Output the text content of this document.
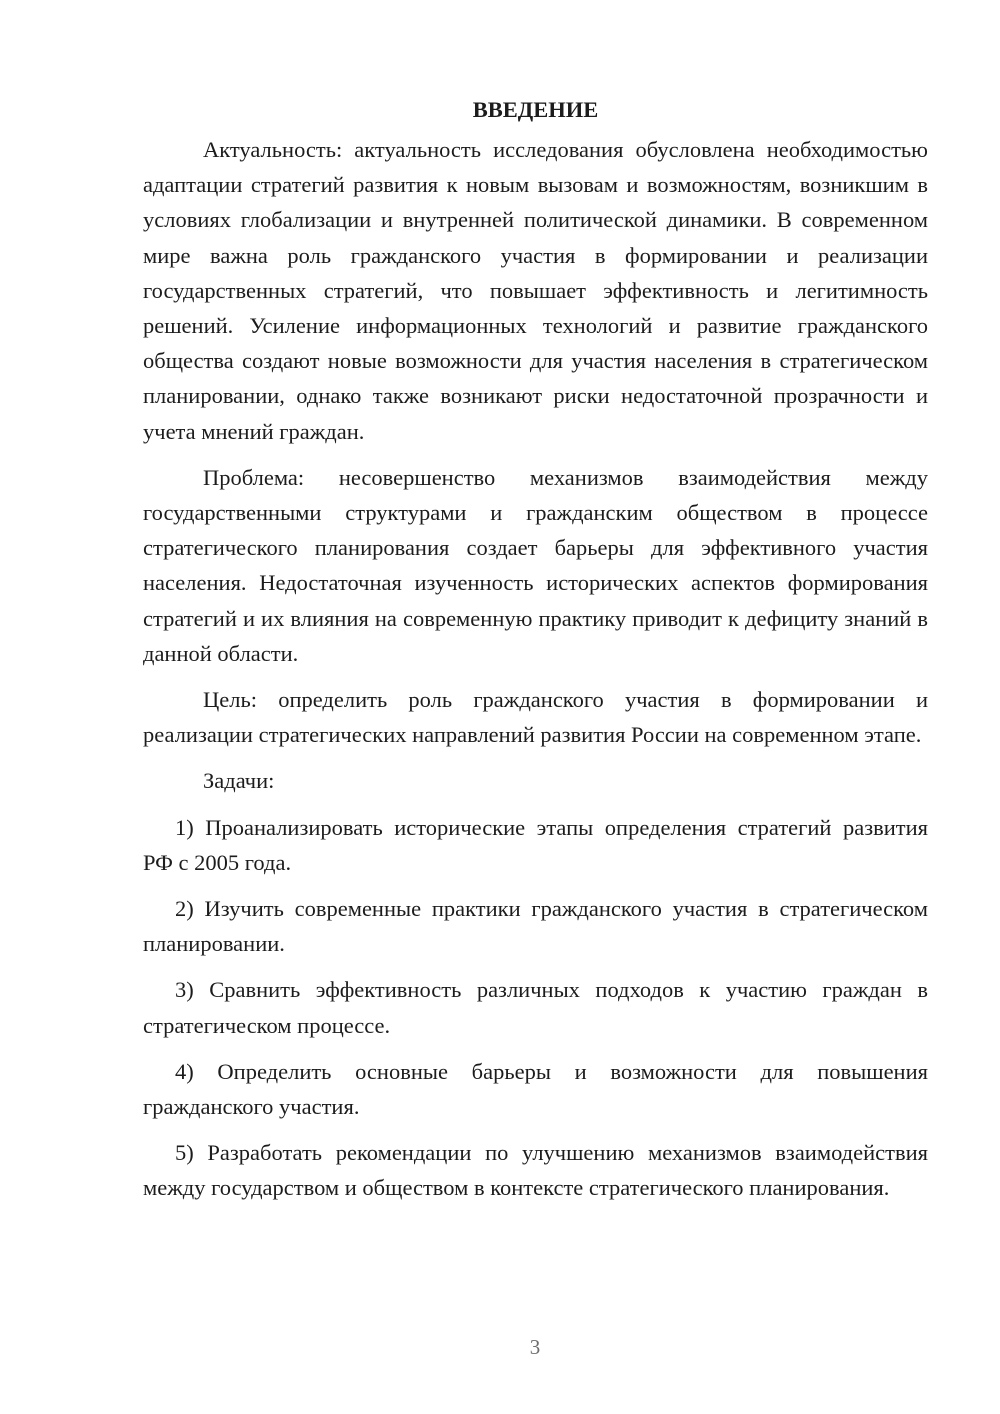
ВВЕДЕНИЕ

Актуальность: актуальность исследования обусловлена необходимостью адаптации стратегий развития к новым вызовам и возможностям, возникшим в условиях глобализации и внутренней политической динамики. В современном мире важна роль гражданского участия в формировании и реализации государственных стратегий, что повышает эффективность и легитимность решений. Усиление информационных технологий и развитие гражданского общества создают новые возможности для участия населения в стратегическом планировании, однако также возникают риски недостаточной прозрачности и учета мнений граждан.

Проблема: несовершенство механизмов взаимодействия между государственными структурами и гражданским обществом в процессе стратегического планирования создает барьеры для эффективного участия населения. Недостаточная изученность исторических аспектов формирования стратегий и их влияния на современную практику приводит к дефициту знаний в данной области.

Цель: определить роль гражданского участия в формировании и реализации стратегических направлений развития России на современном этапе.

Задачи:

1) Проанализировать исторические этапы определения стратегий развития РФ с 2005 года.

2) Изучить современные практики гражданского участия в стратегическом планировании.

3) Сравнить эффективность различных подходов к участию граждан в стратегическом процессе.

4) Определить основные барьеры и возможности для повышения гражданского участия.

5) Разработать рекомендации по улучшению механизмов взаимодействия между государством и обществом в контексте стратегического планирования.

3
